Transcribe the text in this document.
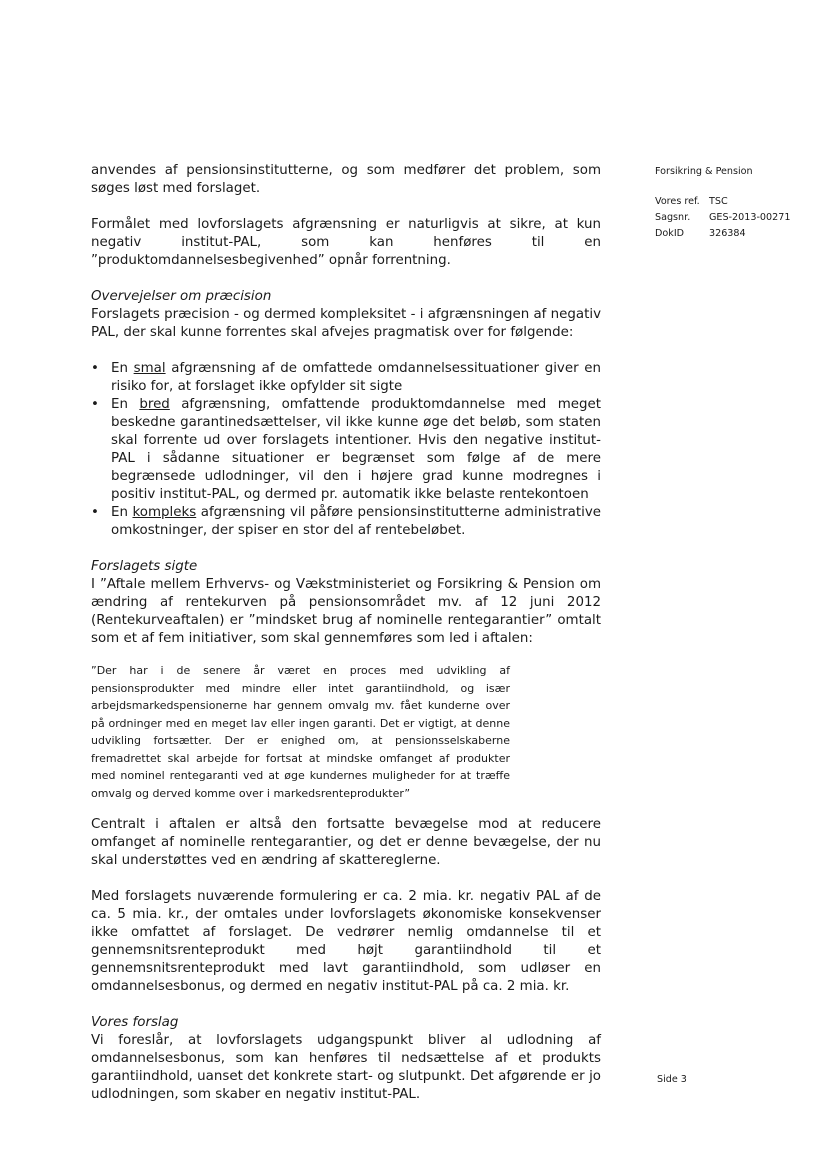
anvendes af pensionsinstitutterne, og som medfører det problem, som søges løst med forslaget.

Formålet med lovforslagets afgrænsning er naturligvis at sikre, at kun negativ institut-PAL, som kan henføres til en ”produktomdannelsesbegivenhed” opnår forrentning.

Overvejelser om præcision

Forslagets præcision - og dermed kompleksitet - i afgrænsningen af negativ PAL, der skal kunne forrentes skal afvejes pragmatisk over for følgende:

• En smal afgrænsning af de omfattede omdannelsessituationer giver en risiko for, at forslaget ikke opfylder sit sigte
• En bred afgrænsning, omfattende produktomdannelse med meget beskedne garantinedsættelser, vil ikke kunne øge det beløb, som staten skal forrente ud over forslagets intentioner. Hvis den negative institut-PAL i sådanne situationer er begrænset som følge af de mere begrænsede udlodninger, vil den i højere grad kunne modregnes i positiv institut-PAL, og dermed pr. automatik ikke belaste rentekontoen
• En kompleks afgrænsning vil påføre pensionsinstitutterne administrative omkostninger, der spiser en stor del af rentebeløbet.

Forslagets sigte

I ”Aftale mellem Erhvervs- og Vækstministeriet og Forsikring & Pension om ændring af rentekurven på pensionsområdet mv. af 12 juni 2012 (Rentekurveaftalen) er ”mindsket brug af nominelle rentegarantier” omtalt som et af fem initiativer, som skal gennemføres som led i aftalen:

”Der har i de senere år været en proces med udvikling af pensionsprodukter med mindre eller intet garantiindhold, og især arbejdsmarkedspensionerne har gennem omvalg mv. fået kunderne over på ordninger med en meget lav eller ingen garanti. Det er vigtigt, at denne udvikling fortsætter. Der er enighed om, at pensionsselskaberne fremadrettet skal arbejde for fortsat at mindske omfanget af produkter med nominel rentegaranti ved at øge kundernes muligheder for at træffe omvalg og derved komme over i markedsrenteprodukter”

Centralt i aftalen er altså den fortsatte bevægelse mod at reducere omfanget af nominelle rentegarantier, og det er denne bevægelse, der nu skal understøttes ved en ændring af skattereglerne.

Med forslagets nuværende formulering er ca. 2 mia. kr. negativ PAL af de ca. 5 mia. kr., der omtales under lovforslagets økonomiske konsekvenser ikke omfattet af forslaget. De vedrører nemlig omdannelse til et gennemsnitsrenteprodukt med højt garantiindhold til et gennemsnitsrenteprodukt med lavt garantiindhold, som udløser en omdannelsesbonus, og dermed en negativ institut-PAL på ca. 2 mia. kr.

Vores forslag

Vi foreslår, at lovforslagets udgangspunkt bliver al udlodning af omdannelsesbonus, som kan henføres til nedsættelse af et produkts garantiindhold, uanset det konkrete start- og slutpunkt. Det afgørende er jo udlodningen, som skaber en negativ institut-PAL.

Forsikring & Pension
Vores ref. TSC
Sagsnr.	GES-2013-00271
DokID	326384
Side 3
